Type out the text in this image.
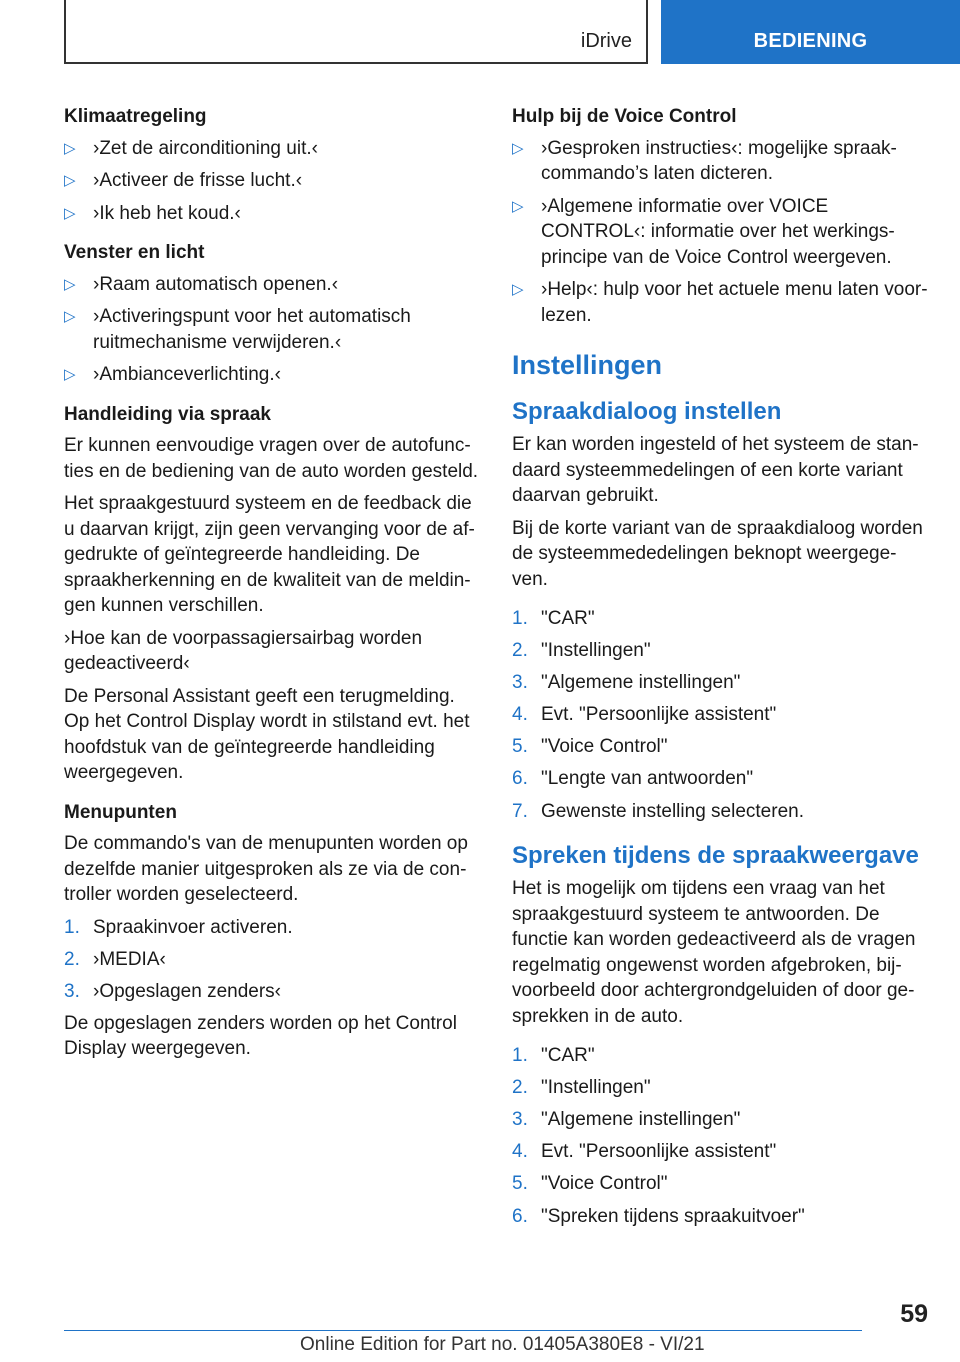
iDrive	BEDIENING
Klimaatregeling
▷ ›Zet de airconditioning uit.‹
▷ ›Activeer de frisse lucht.‹
▷ ›Ik heb het koud.‹
Venster en licht
▷ ›Raam automatisch openen.‹
▷ ›Activeringspunt voor het automatisch ruitmechanisme verwijderen.‹
▷ ›Ambianceverlichting.‹
Handleiding via spraak

Er kunnen eenvoudige vragen over de autofunc-ties en de bediening van de auto worden gesteld.

Het spraakgestuurd systeem en de feedback die u daarvan krijgt, zijn geen vervanging voor de af-gedrukte of geïntegreerde handleiding. De spraakherkenning en de kwaliteit van de meldin-gen kunnen verschillen.

›Hoe kan de voorpassagiersairbag worden gedeactiveerd‹

De Personal Assistant geeft een terugmelding. Op het Control Display wordt in stilstand evt. het hoofdstuk van de geïntegreerde handleiding weergegeven.

Menupunten

De commando's van de menupunten worden op dezelfde manier uitgesproken als ze via de con-troller worden geselecteerd.

1. Spraakinvoer activeren.
2. ›MEDIA‹
3. ›Opgeslagen zenders‹

De opgeslagen zenders worden op het Control Display weergegeven.

Hulp bij de Voice Control
▷ ›Gesproken instructies‹: mogelijke spraak-commando’s laten dicteren.
▷ ›Algemene informatie over VOICE CONTROL‹: informatie over het werkings-principe van de Voice Control weergeven.
▷ ›Help‹: hulp voor het actuele menu laten voor-lezen.
Instellingen
Spraakdialoog instellen

Er kan worden ingesteld of het systeem de stan-daard systeemmedelingen of een korte variant daarvan gebruikt.

Bij de korte variant van de spraakdialoog worden de systeemmededelingen beknopt weergege-ven.

1. "CAR"
2. "Instellingen"
3. "Algemene instellingen"
4. Evt. "Persoonlijke assistent"
5. "Voice Control"
6. "Lengte van antwoorden"
7. Gewenste instelling selecteren.
Spreken tijdens de spraakweergave

Het is mogelijk om tijdens een vraag van het spraakgestuurd systeem te antwoorden. De functie kan worden gedeactiveerd als de vragen regelmatig ongewenst worden afgebroken, bij-voorbeeld door achtergrondgeluiden of door ge-sprekken in de auto.

1. "CAR"
2. "Instellingen"
3. "Algemene instellingen"
4. Evt. "Persoonlijke assistent"
5. "Voice Control"
6. "Spreken tijdens spraakuitvoer"
59
Online Edition for Part no. 01405A380E8 - VI/21
